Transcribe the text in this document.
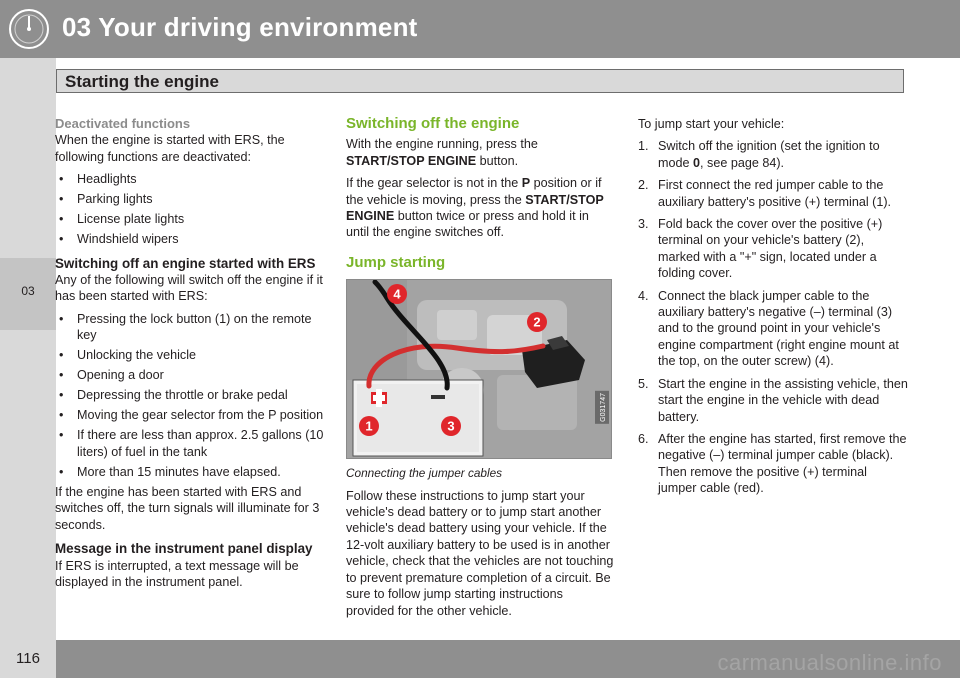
03 Your driving environment
Starting the engine
03
Deactivated functions

When the engine is started with ERS, the following functions are deactivated:

• Headlights
• Parking lights
• License plate lights
• Windshield wipers
Switching off an engine started with ERS

Any of the following will switch off the engine if it has been started with ERS:

• Pressing the lock button (1) on the remote key
• Unlocking the vehicle
• Opening a door
• Depressing the throttle or brake pedal
• Moving the gear selector from the P position
• If there are less than approx. 2.5 gallons (10 liters) of fuel in the tank
• More than 15 minutes have elapsed.

If the engine has been started with ERS and switches off, the turn signals will illuminate for 3 seconds.

Message in the instrument panel display

If ERS is interrupted, a text message will be displayed in the instrument panel.

Switching off the engine

With the engine running, press the START/STOP ENGINE button.

If the gear selector is not in the P position or if the vehicle is moving, press the START/STOP ENGINE button twice or press and hold it in until the engine switches off.

Jump starting
4
2
1	3
G031747
Connecting the jumper cables

Follow these instructions to jump start your vehicle's dead battery or to jump start another vehicle's dead battery using your vehicle. If the 12-volt auxiliary battery to be used is in another vehicle, check that the vehicles are not touching to prevent premature completion of a circuit. Be sure to follow jump starting instructions provided for the other vehicle.

To jump start your vehicle:

1. Switch off the ignition (set the ignition to mode 0, see page 84).
2. First connect the red jumper cable to the auxiliary battery's positive (+) terminal (1).
3. Fold back the cover over the positive (+) terminal on your vehicle's battery (2), marked with a "+" sign, located under a folding cover.
4. Connect the black jumper cable to the auxiliary battery's negative (–) terminal (3) and to the ground point in your vehicle's engine compartment (right engine mount at the top, on the outer screw) (4).
5. Start the engine in the assisting vehicle, then start the engine in the vehicle with dead battery.
6. After the engine has started, first remove the negative (–) terminal jumper cable (black). Then remove the positive (+) terminal jumper cable (red).
116	carmanualsonline.info
